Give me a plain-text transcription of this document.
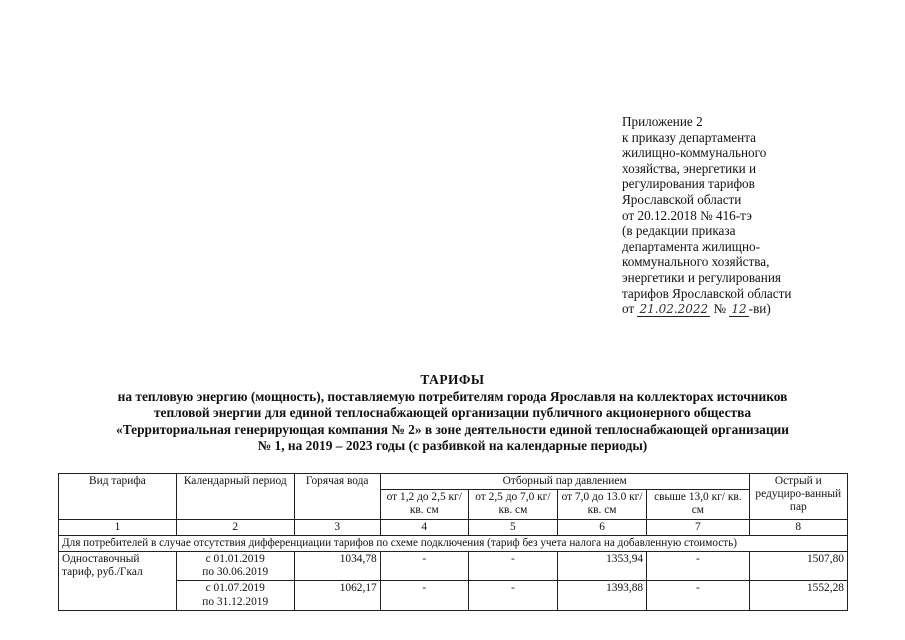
Приложение 2
к приказу департамента
жилищно-коммунального
хозяйства, энергетики и
регулирования тарифов
Ярославской области
от 20.12.2018 № 416-тэ
(в редакции приказа
департамента жилищно-
коммунального хозяйства,
энергетики и регулирования
тарифов Ярославской области
от 21.02.2022 № 12 -ви)
ТАРИФЫ
на тепловую энергию (мощность), поставляемую потребителям города Ярославля на коллекторах источников
тепловой энергии для единой теплоснабжающей организации публичного акционерного общества
«Территориальная генерирующая компания № 2» в зоне деятельности единой теплоснабжающей организации
№ 1, на 2019 – 2023 годы (с разбивкой на календарные периоды)
Вид тарифа	Календарный период	Горячая вода	Отборный пар давлением				Острый и редуциро-ванный пар
			от 1,2 до 2,5 кг/ кв. см	от 2,5 до 7,0 кг/ кв. см	от 7,0 до 13.0 кг/ кв. см	свыше 13,0 кг/ кв. см	
1	2	3	4	5	6	7	8
Для потребителей в случае отсутствия дифференциации тарифов по схеме подключения (тариф без учета налога на добавленную стоимость)							
Одноставочный тариф, руб./Гкал	с 01.01.2019
по 30.06.2019	1034,78	-	-	1353,94	-	1507,80
	с 01.07.2019
по 31.12.2019	1062,17	-	-	1393,88	-	1552,28
